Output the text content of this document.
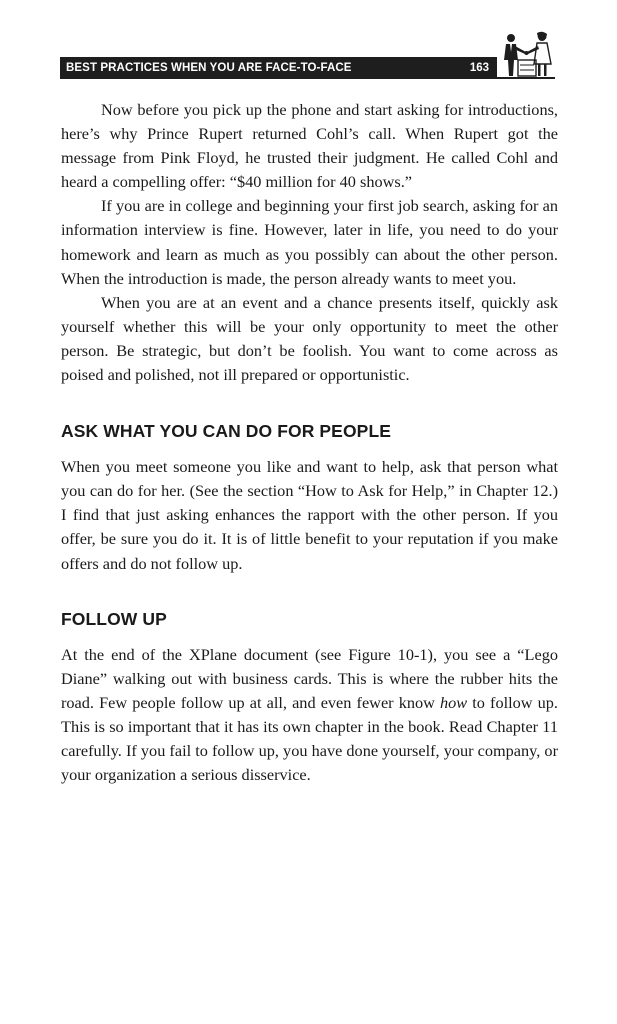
BEST PRACTICES WHEN YOU ARE FACE-TO-FACE	163

Now before you pick up the phone and start asking for introductions, here’s why Prince Rupert returned Cohl’s call. When Rupert got the message from Pink Floyd, he trusted their judgment. He called Cohl and heard a compelling offer: “$40 million for 40 shows.”

If you are in college and beginning your first job search, asking for an information interview is fine. However, later in life, you need to do your homework and learn as much as you possibly can about the other person. When the introduction is made, the person already wants to meet you.

When you are at an event and a chance presents itself, quickly ask yourself whether this will be your only opportunity to meet the other person. Be strategic, but don’t be foolish. You want to come across as poised and polished, not ill prepared or opportunistic.

ASK WHAT YOU CAN DO FOR PEOPLE

When you meet someone you like and want to help, ask that person what you can do for her. (See the section “How to Ask for Help,” in Chapter 12.) I find that just asking enhances the rapport with the other person. If you offer, be sure you do it. It is of little benefit to your reputation if you make offers and do not follow up.

FOLLOW UP

At the end of the XPlane document (see Figure 10-1), you see a “Lego Diane” walking out with business cards. This is where the rubber hits the road. Few people follow up at all, and even fewer know how to follow up. This is so important that it has its own chapter in the book. Read Chapter 11 carefully. If you fail to follow up, you have done yourself, your company, or your organization a serious disservice.
